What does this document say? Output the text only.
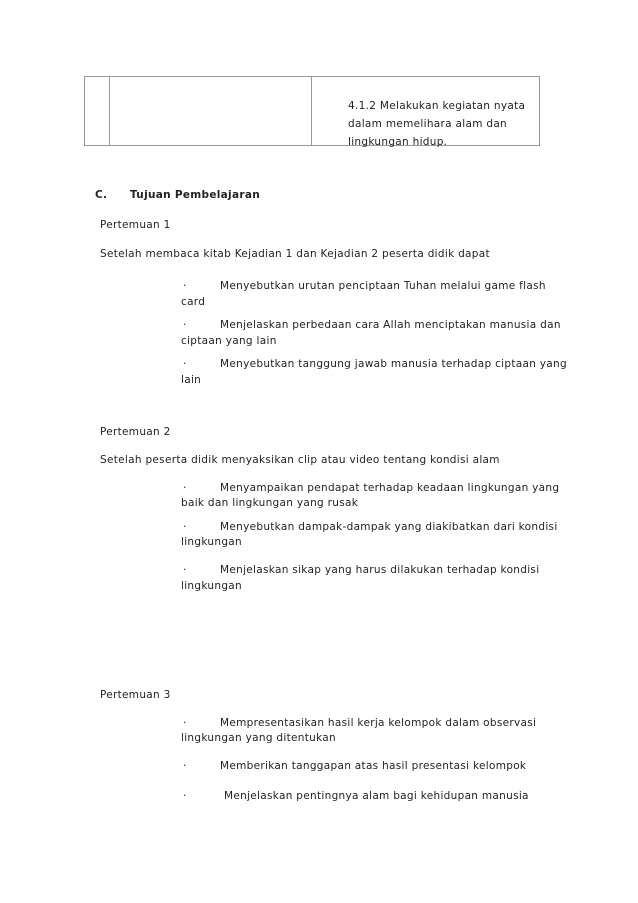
4.1.2 Melakukan kegiatan nyata
dalam memelihara alam dan
lingkungan hidup.
C. Tujuan Pembelajaran
Pertemuan 1
Setelah membaca kitab Kejadian 1 dan Kejadian 2 peserta didik dapat
·	Menyebutkan urutan penciptaan Tuhan melalui game flash
card
·	Menjelaskan perbedaan cara Allah menciptakan manusia dan
ciptaan yang lain
·	Menyebutkan tanggung jawab manusia terhadap ciptaan yang
lain
Pertemuan 2
Setelah peserta didik menyaksikan clip atau video tentang kondisi alam
·	Menyampaikan pendapat terhadap keadaan lingkungan yang
baik dan lingkungan yang rusak
·	Menyebutkan dampak-dampak yang diakibatkan dari kondisi
lingkungan
·	Menjelaskan sikap yang harus dilakukan terhadap kondisi
lingkungan
Pertemuan 3
·	Mempresentasikan hasil kerja kelompok dalam observasi
lingkungan yang ditentukan
·	Memberikan tanggapan atas hasil presentasi kelompok
·	Menjelaskan pentingnya alam bagi kehidupan manusia
